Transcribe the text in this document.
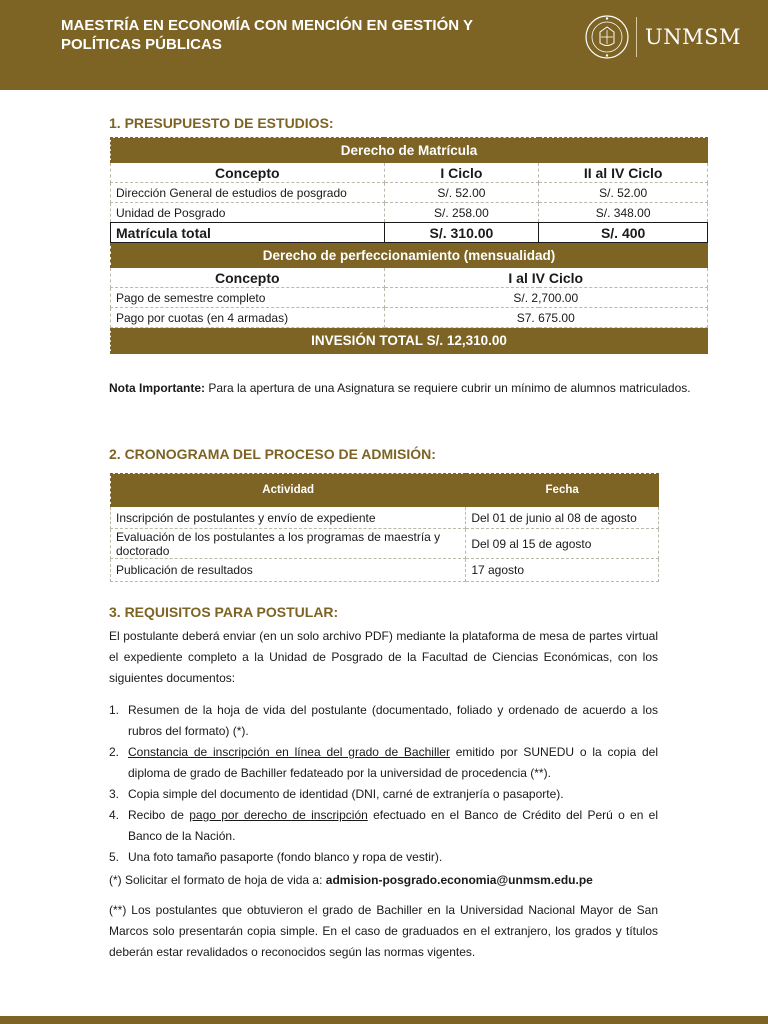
MAESTRÍA EN ECONOMÍA CON MENCIÓN EN GESTIÓN Y POLÍTICAS PÚBLICAS	UNMSM
1. PRESUPUESTO DE ESTUDIOS:
Derecho de Matrícula		
Concepto	I Ciclo	II al IV Ciclo
Dirección General de estudios de posgrado	S/. 52.00	S/. 52.00
Unidad de Posgrado	S/. 258.00	S/. 348.00
Matrícula total	S/. 310.00	S/. 400
Derecho de perfeccionamiento (mensualidad)		
Concepto	I al IV Ciclo	
Pago de semestre completo	S/. 2,700.00	
Pago por cuotas (en 4 armadas)	S7. 675.00	
INVESIÓN TOTAL S/. 12,310.00		
Nota Importante: Para la apertura de una Asignatura se requiere cubrir un mínimo de alumnos matriculados.
2. CRONOGRAMA DEL PROCESO DE ADMISIÓN:
Actividad	Fecha
Inscripción de postulantes y envío de expediente	Del 01 de junio al 08 de agosto
Evaluación de los postulantes a los programas de maestría y doctorado	Del 09 al 15 de agosto
Publicación de resultados	17 agosto
3. REQUISITOS PARA POSTULAR:
El postulante deberá enviar (en un solo archivo PDF) mediante la plataforma de mesa de partes virtual el expediente completo a la Unidad de Posgrado de la Facultad de Ciencias Económicas, con los siguientes documentos:
1. Resumen de la hoja de vida del postulante (documentado, foliado y ordenado de acuerdo a los rubros del formato) (*).
2. Constancia de inscripción en línea del grado de Bachiller emitido por SUNEDU o la copia del diploma de grado de Bachiller fedateado por la universidad de procedencia (**).
3. Copia simple del documento de identidad (DNI, carné de extranjería o pasaporte).
4. Recibo de pago por derecho de inscripción efectuado en el Banco de Crédito del Perú o en el Banco de la Nación.
5. Una foto tamaño pasaporte (fondo blanco y ropa de vestir).
(*) Solicitar el formato de hoja de vida a: admision-posgrado.economia@unmsm.edu.pe
(**) Los postulantes que obtuvieron el grado de Bachiller en la Universidad Nacional Mayor de San Marcos solo presentarán copia simple. En el caso de graduados en el extranjero, los grados y títulos deberán estar revalidados o reconocidos según las normas vigentes.
